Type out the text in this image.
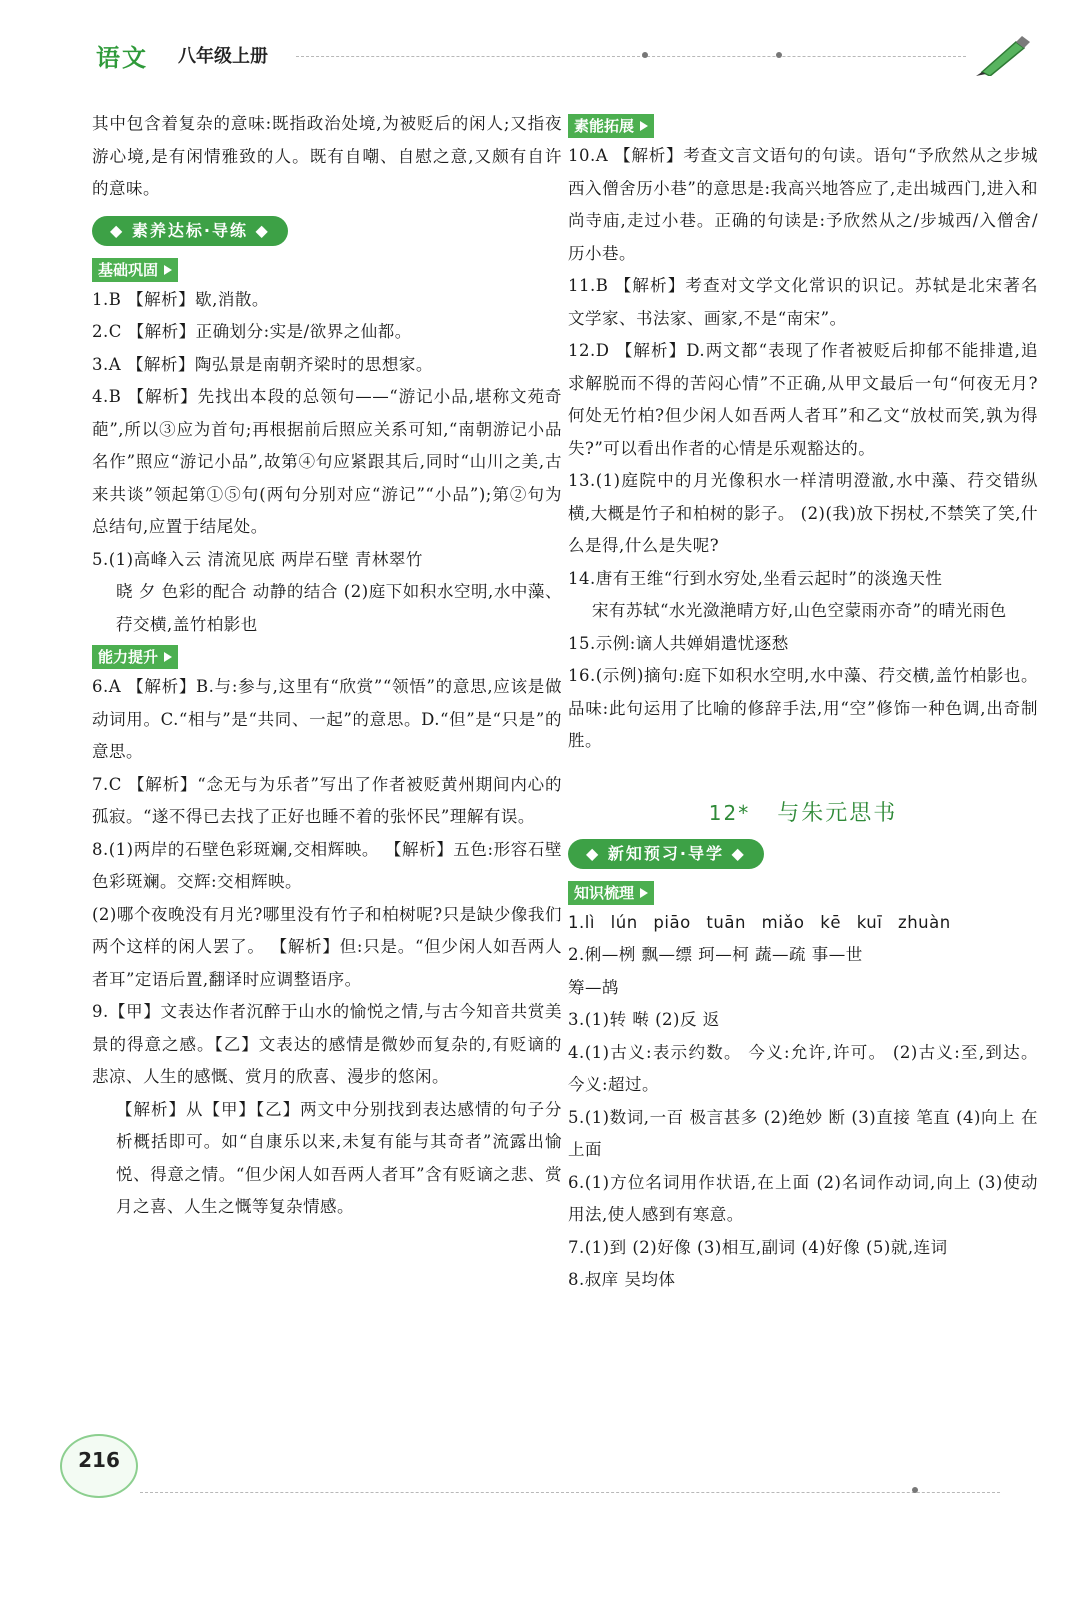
语文 八年级上册

其中包含着复杂的意味:既指政治处境,为被贬后的闲人;又指夜游心境,是有闲情雅致的人。既有自嘲、自慰之意,又颇有自许的意味。

◆ 素养达标·导练 ◆
基础巩固

1.B 【解析】歇,消散。

2.C 【解析】正确划分:实是/欲界之仙都。

3.A 【解析】陶弘景是南朝齐梁时的思想家。

4.B 【解析】先找出本段的总领句——“游记小品,堪称文苑奇葩”,所以③应为首句;再根据前后照应关系可知,“南朝游记小品名作”照应“游记小品”,故第④句应紧跟其后,同时“山川之美,古来共谈”领起第①⑤句(两句分别对应“游记”“小品”);第②句为总结句,应置于结尾处。

5.(1)高峰入云 清流见底 两岸石壁 青林翠竹

晓 夕 色彩的配合 动静的结合 (2)庭下如积水空明,水中藻、荇交横,盖竹柏影也

能力提升

6.A 【解析】B.与:参与,这里有“欣赏”“领悟”的意思,应该是做动词用。C.“相与”是“共同、一起”的意思。D.“但”是“只是”的意思。

7.C 【解析】“念无与为乐者”写出了作者被贬黄州期间内心的孤寂。“遂不得已去找了正好也睡不着的张怀民”理解有误。

8.(1)两岸的石壁色彩斑斓,交相辉映。 【解析】五色:形容石壁色彩斑斓。交辉:交相辉映。

(2)哪个夜晚没有月光?哪里没有竹子和柏树呢?只是缺少像我们两个这样的闲人罢了。 【解析】但:只是。“但少闲人如吾两人者耳”定语后置,翻译时应调整语序。

9.【甲】文表达作者沉醉于山水的愉悦之情,与古今知音共赏美景的得意之感。【乙】文表达的感情是微妙而复杂的,有贬谪的悲凉、人生的感慨、赏月的欣喜、漫步的悠闲。

【解析】从【甲】【乙】两文中分别找到表达感情的句子分析概括即可。如“自康乐以来,未复有能与其奇者”流露出愉悦、得意之情。“但少闲人如吾两人者耳”含有贬谪之悲、赏月之喜、人生之慨等复杂情感。

素能拓展

10.A 【解析】考查文言文语句的句读。语句“予欣然从之步城西入僧舍历小巷”的意思是:我高兴地答应了,走出城西门,进入和尚寺庙,走过小巷。正确的句读是:予欣然从之/步城西/入僧舍/历小巷。

11.B 【解析】考查对文学文化常识的识记。苏轼是北宋著名文学家、书法家、画家,不是“南宋”。

12.D 【解析】D.两文都“表现了作者被贬后抑郁不能排遣,追求解脱而不得的苦闷心情”不正确,从甲文最后一句“何夜无月?何处无竹柏?但少闲人如吾两人者耳”和乙文“放杖而笑,孰为得失?”可以看出作者的心情是乐观豁达的。

13.(1)庭院中的月光像积水一样清明澄澈,水中藻、荇交错纵横,大概是竹子和柏树的影子。 (2)(我)放下拐杖,不禁笑了笑,什么是得,什么是失呢?

14.唐有王维“行到水穷处,坐看云起时”的淡逸天性

宋有苏轼“水光潋滟晴方好,山色空蒙雨亦奇”的晴光雨色

15.示例:谪人共婵娟遣忧逐愁

16.(示例)摘句:庭下如积水空明,水中藻、荇交横,盖竹柏影也。品味:此句运用了比喻的修辞手法,用“空”修饰一种色调,出奇制胜。

12* 与朱元思书
◆ 新知预习·导学 ◆
知识梳理

1.lì lún piāo tuān miǎo kē kuī zhuàn

2.俐—栵 飘—缥 珂—柯 蔬—疏 事—世

筹—鸪

3.(1)转 啭 (2)反 返

4.(1)古义:表示约数。 今义:允许,许可。 (2)古义:至,到达。 今义:超过。

5.(1)数词,一百 极言甚多 (2)绝妙 断 (3)直接 笔直 (4)向上 在上面

6.(1)方位名词用作状语,在上面 (2)名词作动词,向上 (3)使动用法,使人感到有寒意。

7.(1)到 (2)好像 (3)相互,副词 (4)好像 (5)就,连词

8.叔庠 吴均体

216
